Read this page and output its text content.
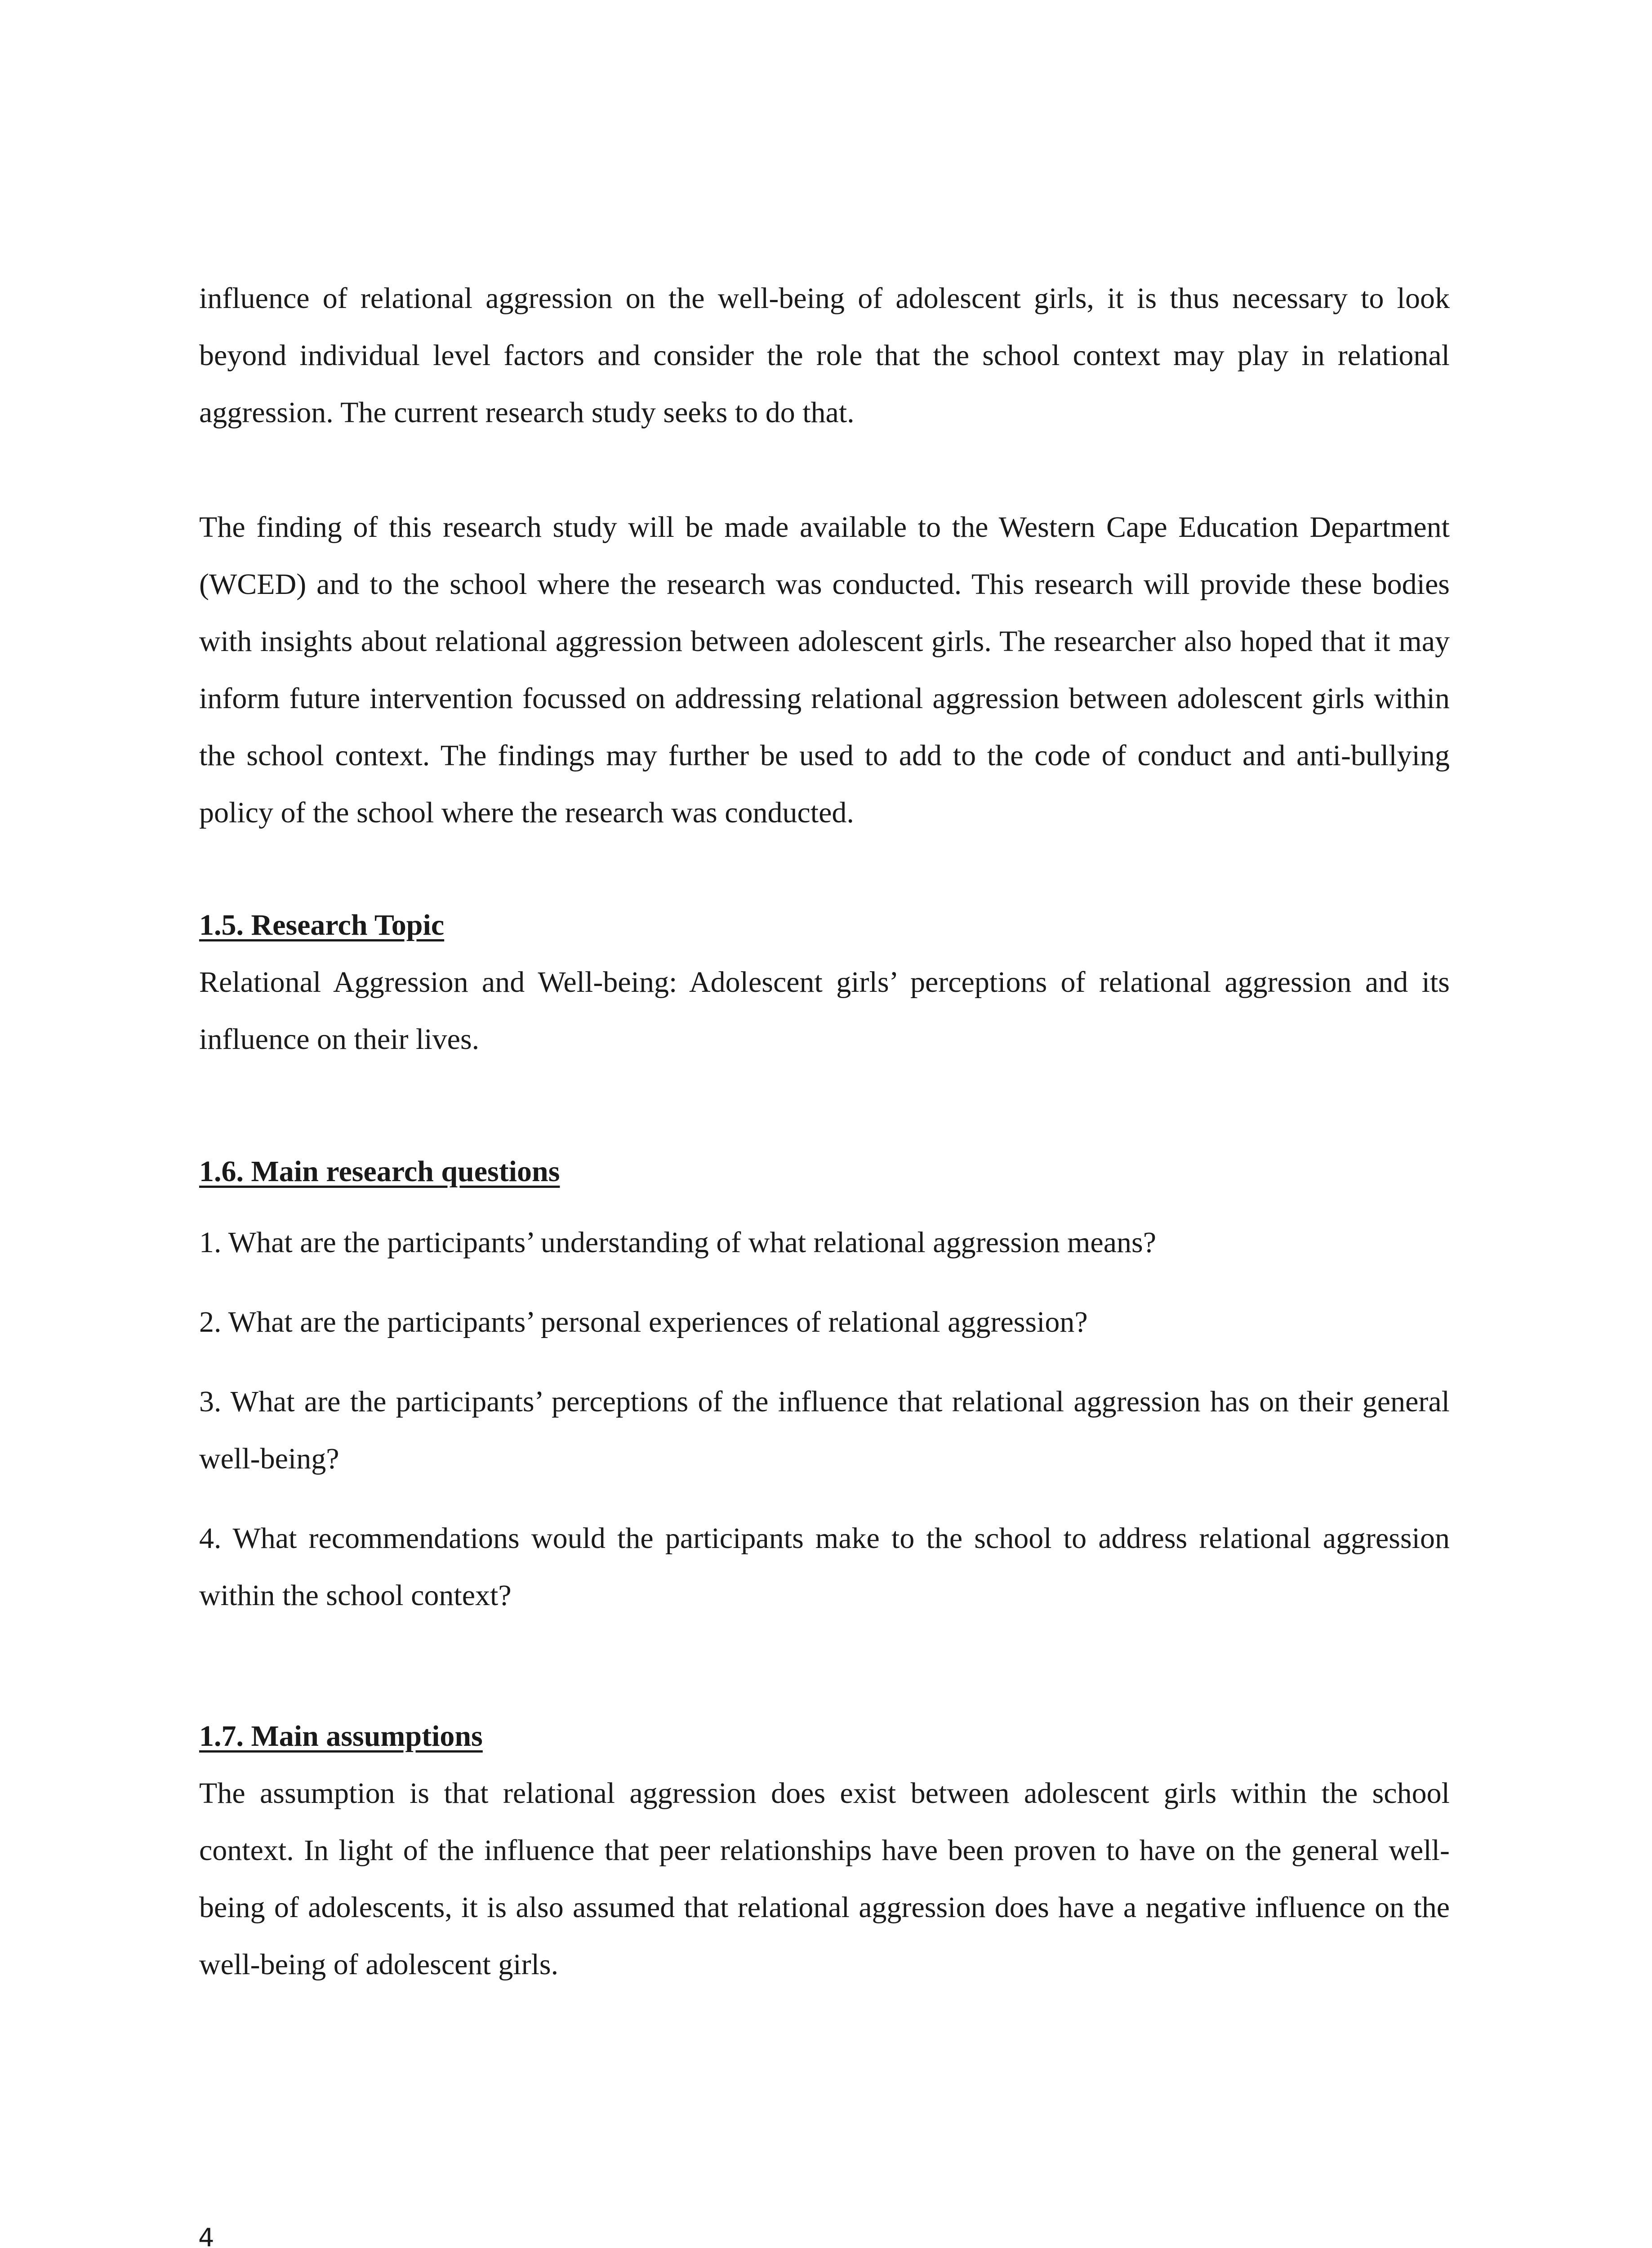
influence of relational aggression on the well-being of adolescent girls, it is thus necessary to look beyond individual level factors and consider the role that the school context may play in relational aggression. The current research study seeks to do that.

The finding of this research study will be made available to the Western Cape Education Department (WCED) and to the school where the research was conducted. This research will provide these bodies with insights about relational aggression between adolescent girls. The researcher also hoped that it may inform future intervention focussed on addressing relational aggression between adolescent girls within the school context. The findings may further be used to add to the code of conduct and anti-bullying policy of the school where the research was conducted.

1.5. Research Topic

Relational Aggression and Well-being: Adolescent girls’ perceptions of relational aggression and its influence on their lives.

1.6. Main research questions
1. What are the participants’ understanding of what relational aggression means?
2. What are the participants’ personal experiences of relational aggression?
3. What are the participants’ perceptions of the influence that relational aggression has on their general well-being?
4. What recommendations would the participants make to the school to address relational aggression within the school context?
1.7. Main assumptions

The assumption is that relational aggression does exist between adolescent girls within the school context. In light of the influence that peer relationships have been proven to have on the general well-being of adolescents, it is also assumed that relational aggression does have a negative influence on the well-being of adolescent girls.

4
